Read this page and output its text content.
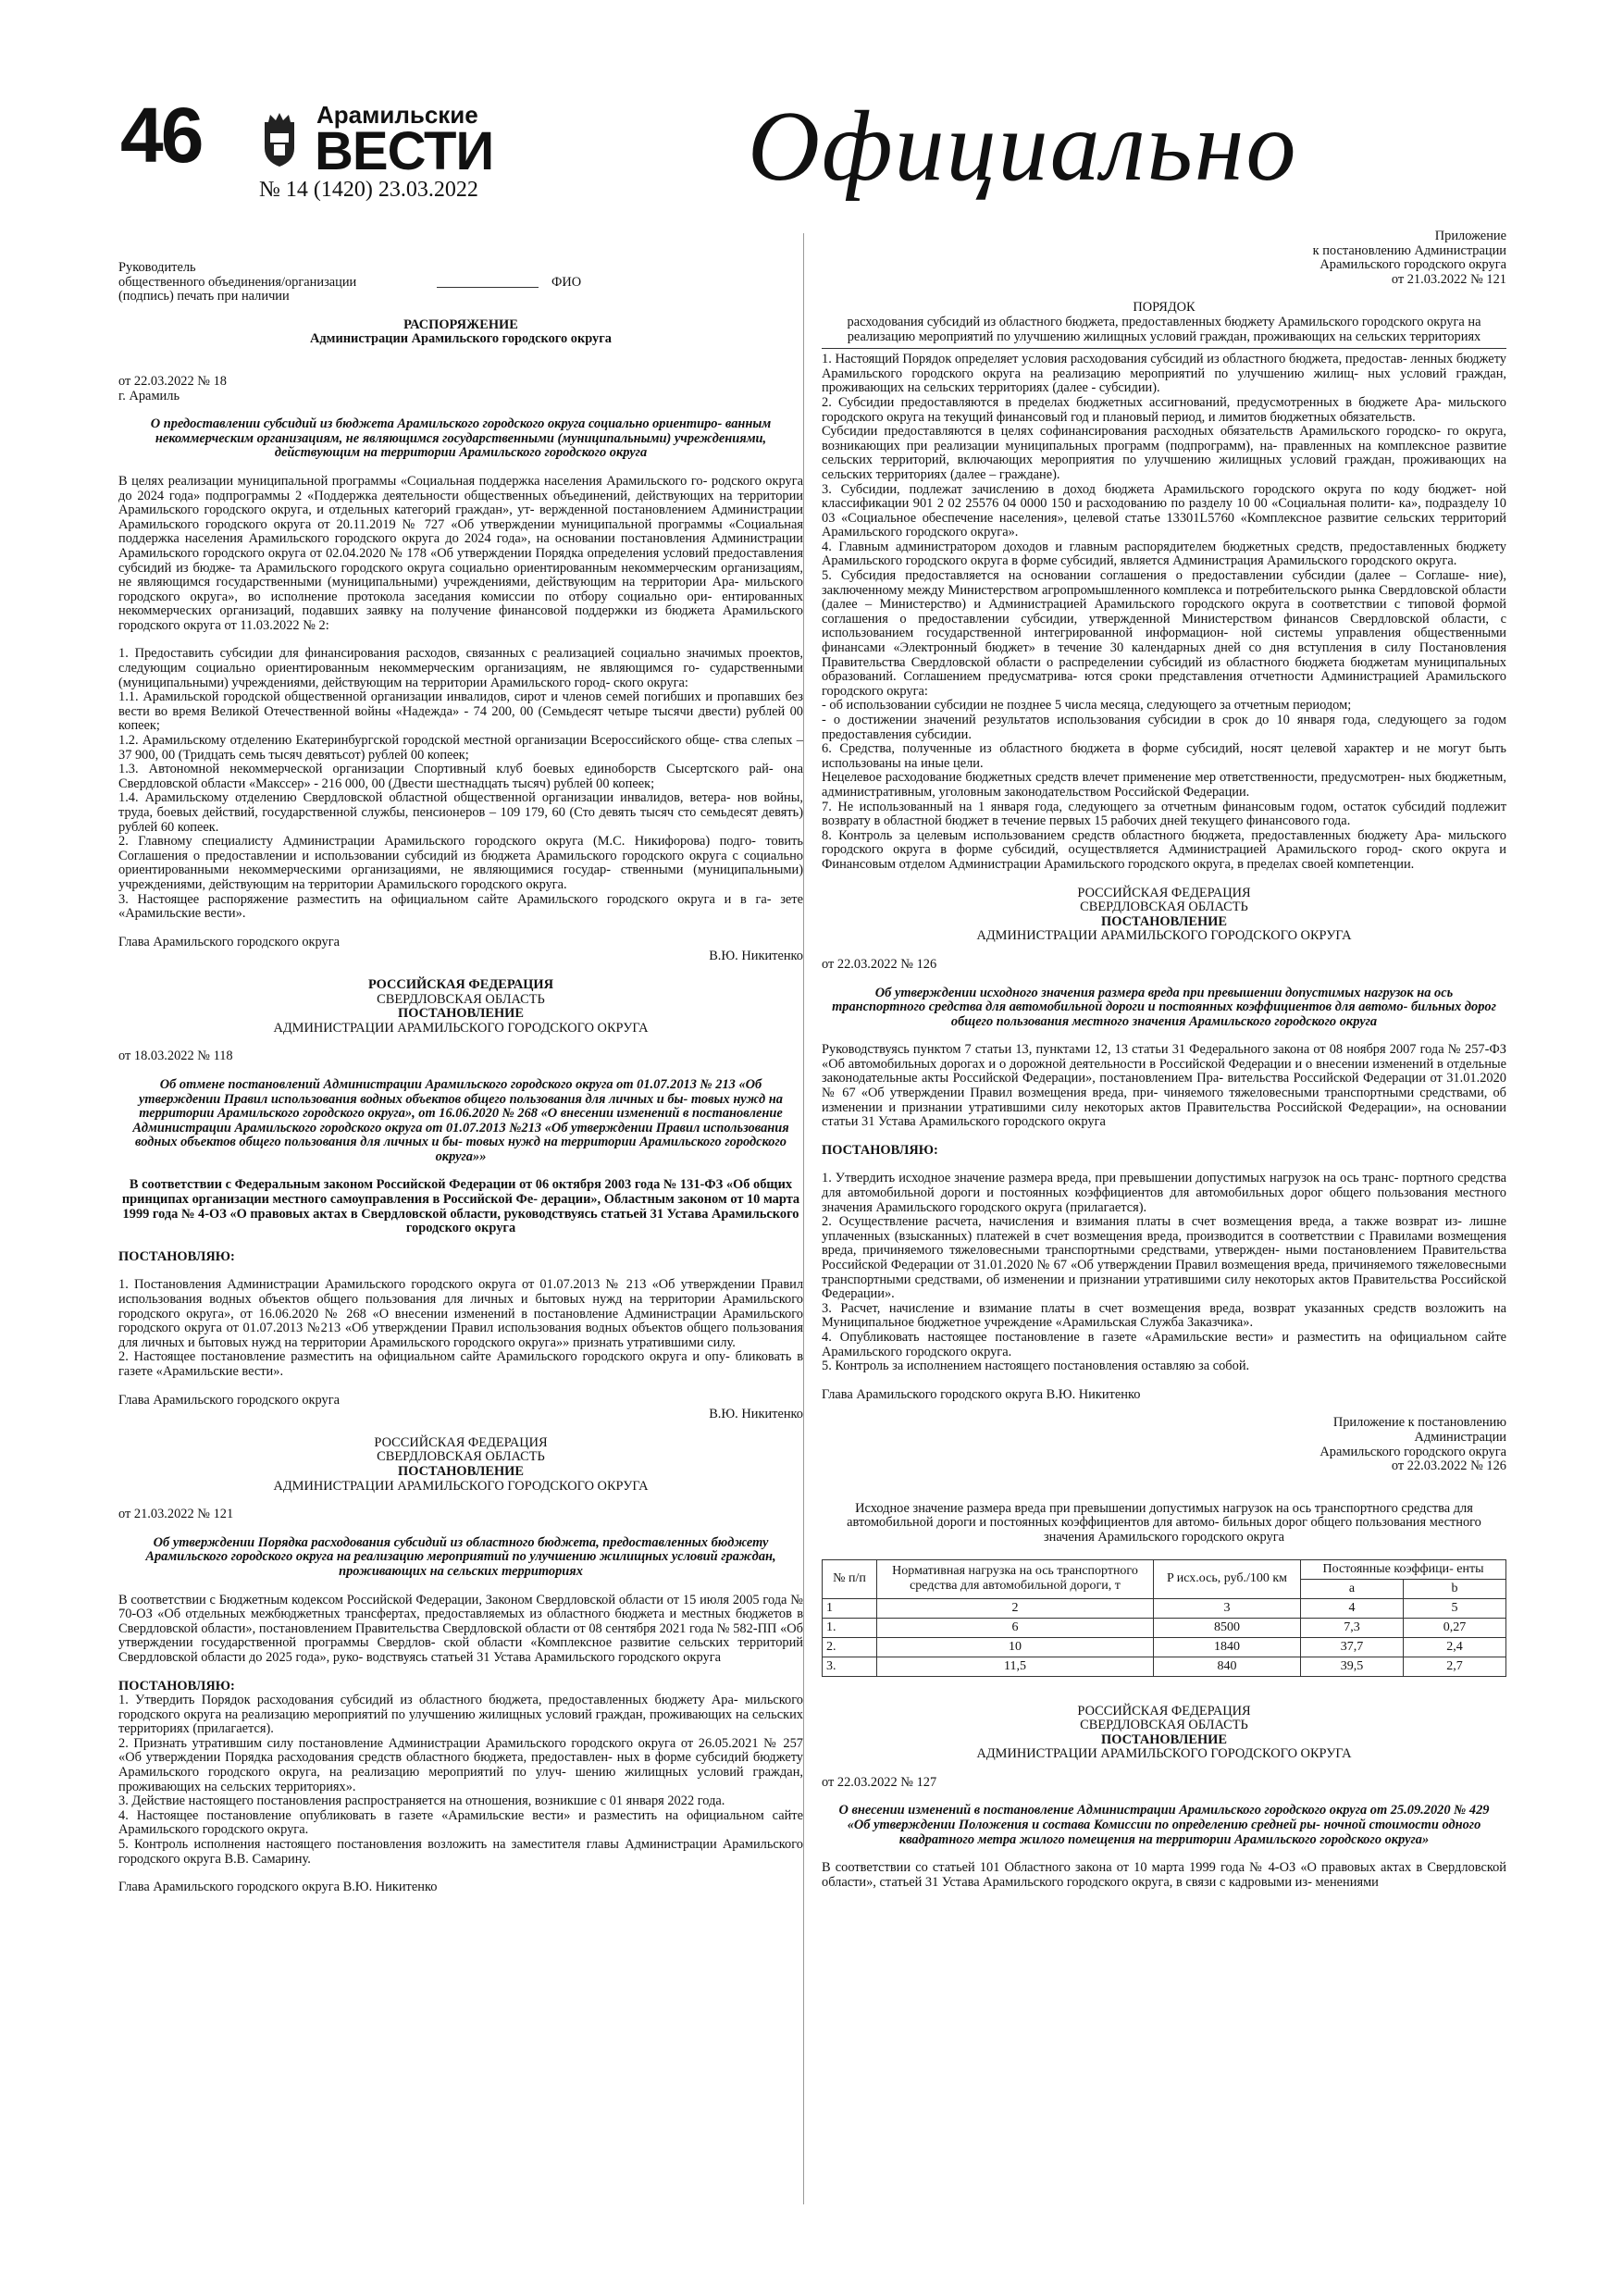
46	Арамильские
ВЕСТИ
№ 14 (1420) 23.03.2022	Официально

Руководитель

общественного объединения/организации	ФИО

(подпись) печать при наличии

РАСПОРЯЖЕНИЕ

Администрации Арамильского городского округа

от 22.03.2022 № 18

г. Арамиль

О предоставлении субсидий из бюджета Арамильского городского округа социально ориентиро- ванным некоммерческим организациям, не являющимся государственными (муниципальными) учреждениями, действующим на территории Арамильского городского округа

В целях реализации муниципальной программы «Социальная поддержка населения Арамильского го- родского округа до 2024 года» подпрограммы 2 «Поддержка деятельности общественных объединений, действующих на территории Арамильского городского округа, и отдельных категорий граждан», ут- вержденной постановлением Администрации Арамильского городского округа от 20.11.2019 № 727 «Об утверждении муниципальной программы «Социальная поддержка населения Арамильского городского округа до 2024 года», на основании постановления Администрации Арамильского городского округа от 02.04.2020 № 178 «Об утверждении Порядка определения условий предоставления субсидий из бюдже- та Арамильского городского округа социально ориентированным некоммерческим организациям, не являющимся государственными (муниципальными) учреждениями, действующим на территории Ара- мильского городского округа», во исполнение протокола заседания комиссии по отбору социально ори- ентированных некоммерческих организаций, подавших заявку на получение финансовой поддержки из бюджета Арамильского городского округа от 11.03.2022 № 2:

1. Предоставить субсидии для финансирования расходов, связанных с реализацией социально значимых проектов, следующим социально ориентированным некоммерческим организациям, не являющимся го- сударственными (муниципальными) учреждениями, действующим на территории Арамильского город- ского округа:

1.1. Арамильской городской общественной организации инвалидов, сирот и членов семей погибших и пропавших без вести во время Великой Отечественной войны «Надежда» - 74 200, 00 (Семьдесят четыре тысячи двести) рублей 00 копеек;

1.2. Арамильскому отделению Екатеринбургской городской местной организации Всероссийского обще- ства слепых – 37 900, 00 (Тридцать семь тысяч девятьсот) рублей 00 копеек;

1.3. Автономной некоммерческой организации Спортивный клуб боевых единоборств Сысертского рай- она Свердловской области «Макссер» - 216 000, 00 (Двести шестнадцать тысяч) рублей 00 копеек;

1.4. Арамильскому отделению Свердловской областной общественной организации инвалидов, ветера- нов войны, труда, боевых действий, государственной службы, пенсионеров – 109 179, 60 (Сто девять тысяч сто семьдесят девять) рублей 60 копеек.

2. Главному специалисту Администрации Арамильского городского округа (М.С. Никифорова) подго- товить Соглашения о предоставлении и использовании субсидий из бюджета Арамильского городского округа с социально ориентированными некоммерческими организациями, не являющимися государ- ственными (муниципальными) учреждениями, действующим на территории Арамильского городского округа.

3. Настоящее распоряжение разместить на официальном сайте Арамильского городского округа и в га- зете «Арамильские вести».

Глава Арамильского городского округа

В.Ю. Никитенко

РОССИЙСКАЯ ФЕДЕРАЦИЯ

СВЕРДЛОВСКАЯ ОБЛАСТЬ

ПОСТАНОВЛЕНИЕ

АДМИНИСТРАЦИИ АРАМИЛЬСКОГО ГОРОДСКОГО ОКРУГА

от 18.03.2022 № 118

Об отмене постановлений Администрации Арамильского городского округа от 01.07.2013 № 213 «Об утверждении Правил использования водных объектов общего пользования для личных и бы- товых нужд на территории Арамильского городского округа», от 16.06.2020 № 268 «О внесении изменений в постановление Администрации Арамильского городского округа от 01.07.2013 №213 «Об утверждении Правил использования водных объектов общего пользования для личных и бы- товых нужд на территории Арамильского городского округа»»

В соответствии с Федеральным законом Российской Федерации от 06 октября 2003 года № 131-ФЗ «Об общих принципах организации местного самоуправления в Российской Фе- дерации», Областным законом от 10 марта 1999 года № 4-ОЗ «О правовых актах в Свердловской области, руководствуясь статьей 31 Устава Арамильского городского округа

ПОСТАНОВЛЯЮ:

1. Постановления Администрации Арамильского городского округа от 01.07.2013 № 213 «Об утверждении Правил использования водных объектов общего пользования для личных и бытовых нужд на территории Арамильского городского округа», от 16.06.2020 № 268 «О внесении изменений в постановление Администрации Арамильского городского округа от 01.07.2013 №213 «Об утверждении Правил использования водных объектов общего пользования для личных и бытовых нужд на территории Арамильского городского округа»» признать утратившими силу.

2. Настоящее постановление разместить на официальном сайте Арамильского городского округа и опу- бликовать в газете «Арамильские вести».

Глава Арамильского городского округа

В.Ю. Никитенко

РОССИЙСКАЯ ФЕДЕРАЦИЯ

СВЕРДЛОВСКАЯ ОБЛАСТЬ

ПОСТАНОВЛЕНИЕ

АДМИНИСТРАЦИИ АРАМИЛЬСКОГО ГОРОДСКОГО ОКРУГА

от 21.03.2022 № 121

Об утверждении Порядка расходования субсидий из областного бюджета, предоставленных бюджету Арамильского городского округа на реализацию мероприятий по улучшению жилищных условий граждан, проживающих на сельских территориях

В соответствии с Бюджетным кодексом Российской Федерации, Законом Свердловской области от 15 июля 2005 года № 70-ОЗ «Об отдельных межбюджетных трансфертах, предоставляемых из областного бюджета и местных бюджетов в Свердловской области», постановлением Правительства Свердловской области от 08 сентября 2021 года № 582-ПП «Об утверждении государственной программы Свердлов- ской области «Комплексное развитие сельских территорий Свердловской области до 2025 года», руко- водствуясь статьей 31 Устава Арамильского городского округа

ПОСТАНОВЛЯЮ:

1. Утвердить Порядок расходования субсидий из областного бюджета, предоставленных бюджету Ара- мильского городского округа на реализацию мероприятий по улучшению жилищных условий граждан, проживающих на сельских территориях (прилагается).

2. Признать утратившим силу постановление Администрации Арамильского городского округа от 26.05.2021 № 257 «Об утверждении Порядка расходования средств областного бюджета, предоставлен- ных в форме субсидий бюджету Арамильского городского округа, на реализацию мероприятий по улуч- шению жилищных условий граждан, проживающих на сельских территориях».

3. Действие настоящего постановления распространяется на отношения, возникшие с 01 января 2022 года.

4. Настоящее постановление опубликовать в газете «Арамильские вести» и разместить на официальном сайте Арамильского городского округа.

5. Контроль исполнения настоящего постановления возложить на заместителя главы Администрации Арамильского городского округа В.В. Самарину.

Глава Арамильского городского округа В.Ю. Никитенко

Приложение

к постановлению Администрации

Арамильского городского округа

от 21.03.2022 № 121

ПОРЯДОК

расходования субсидий из областного бюджета, предоставленных бюджету Арамильского городского округа на реализацию мероприятий по улучшению жилищных условий граждан, проживающих на сельских территориях

1. Настоящий Порядок определяет условия расходования субсидий из областного бюджета, предостав- ленных бюджету Арамильского городского округа на реализацию мероприятий по улучшению жилищ- ных условий граждан, проживающих на сельских территориях (далее - субсидии).

2. Субсидии предоставляются в пределах бюджетных ассигнований, предусмотренных в бюджете Ара- мильского городского округа на текущий финансовый год и плановый период, и лимитов бюджетных обязательств.

Субсидии предоставляются в целях софинансирования расходных обязательств Арамильского городско- го округа, возникающих при реализации муниципальных программ (подпрограмм), на- правленных на комплексное развитие сельских территорий, включающих мероприятия по улучшению жилищных условий граждан, проживающих на сельских территориях (далее – граждане).

3. Субсидии, подлежат зачислению в доход бюджета Арамильского городского округа по коду бюджет- ной классификации 901 2 02 25576 04 0000 150 и расходованию по разделу 10 00 «Социальная полити- ка», подразделу 10 03 «Социальное обеспечение населения», целевой статье 13301L5760 «Комплексное развитие сельских территорий Арамильского городского округа».

4. Главным администратором доходов и главным распорядителем бюджетных средств, предоставленных бюджету Арамильского городского округа в форме субсидий, является Администрация Арамильского городского округа.

5. Субсидия предоставляется на основании соглашения о предоставлении субсидии (далее – Соглаше- ние), заключенному между Министерством агропромышленного комплекса и потребительского рынка Свердловской области (далее – Министерство) и Администрацией Арамильского городского округа в соответствии с типовой формой соглашения о предоставлении субсидии, утвержденной Министерством финансов Свердловской области, с использованием государственной интегрированной информацион- ной системы управления общественными финансами «Электронный бюджет» в течение 30 календарных дней со дня вступления в силу Постановления Правительства Свердловской области о распределении субсидий из областного бюджета бюджетам муниципальных образований. Соглашением предусматрива- ются сроки представления отчетности Администрацией Арамильского городского округа:

- об использовании субсидии не позднее 5 числа месяца, следующего за отчетным периодом;

- о достижении значений результатов использования субсидии в срок до 10 января года, следующего за годом предоставления субсидии.

6. Средства, полученные из областного бюджета в форме субсидий, носят целевой характер и не могут быть использованы на иные цели.

Нецелевое расходование бюджетных средств влечет применение мер ответственности, предусмотрен- ных бюджетным, административным, уголовным законодательством Российской Федерации.

7. Не использованный на 1 января года, следующего за отчетным финансовым годом, остаток субсидий подлежит возврату в областной бюджет в течение первых 15 рабочих дней текущего финансового года.

8. Контроль за целевым использованием средств областного бюджета, предоставленных бюджету Ара- мильского городского округа в форме субсидий, осуществляется Администрацией Арамильского город- ского округа и Финансовым отделом Администрации Арамильского городского округа, в пределах своей компетенции.

РОССИЙСКАЯ ФЕДЕРАЦИЯ

СВЕРДЛОВСКАЯ ОБЛАСТЬ

ПОСТАНОВЛЕНИЕ

АДМИНИСТРАЦИИ АРАМИЛЬСКОГО ГОРОДСКОГО ОКРУГА

от 22.03.2022 № 126

Об утверждении исходного значения размера вреда при превышении допустимых нагрузок на ось транспортного средства для автомобильной дороги и постоянных коэффициентов для автомо- бильных дорог общего пользования местного значения Арамильского городского округа

Руководствуясь пунктом 7 статьи 13, пунктами 12, 13 статьи 31 Федерального закона от 08 ноября 2007 года № 257-ФЗ «Об автомобильных дорогах и о дорожной деятельности в Российской Федерации и о внесении изменений в отдельные законодательные акты Российской Федерации», постановлением Пра- вительства Российской Федерации от 31.01.2020 № 67 «Об утверждении Правил возмещения вреда, при- чиняемого тяжеловесными транспортными средствами, об изменении и признании утратившими силу некоторых актов Правительства Российской Федерации», на основании статьи 31 Устава Арамильского городского округа

ПОСТАНОВЛЯЮ:

1. Утвердить исходное значение размера вреда, при превышении допустимых нагрузок на ось транс- портного средства для автомобильной дороги и постоянных коэффициентов для автомобильных дорог общего пользования местного значения Арамильского городского округа (прилагается).

2. Осуществление расчета, начисления и взимания платы в счет возмещения вреда, а также возврат из- лишне уплаченных (взысканных) платежей в счет возмещения вреда, производится в соответствии с Правилами возмещения вреда, причиняемого тяжеловесными транспортными средствами, утвержден- ными постановлением Правительства Российской Федерации от 31.01.2020 № 67 «Об утверждении Правил возмещения вреда, причиняемого тяжеловесными транспортными средствами, об изменении и признании утратившими силу некоторых актов Правительства Российской Федерации».

3. Расчет, начисление и взимание платы в счет возмещения вреда, возврат указанных средств возложить на Муниципальное бюджетное учреждение «Арамильская Служба Заказчика».

4. Опубликовать настоящее постановление в газете «Арамильские вести» и разместить на официальном сайте Арамильского городского округа.

5. Контроль за исполнением настоящего постановления оставляю за собой.

Глава Арамильского городского округа В.Ю. Никитенко

Приложение к постановлению

Администрации

Арамильского городского округа

от 22.03.2022 № 126

Исходное значение размера вреда при превышении допустимых нагрузок на ось транспортного средства для автомобильной дороги и постоянных коэффициентов для автомо- бильных дорог общего пользования местного значения Арамильского городского округа

№ п/п	Нормативная нагрузка на ось транспортного средства для автомобильной дороги, т	P исх.ось, руб./100 км	Постоянные коэффици- енты	
			a	b
1	2	3	4	5
1.	6	8500	7,3	0,27
2.	10	1840	37,7	2,4
3.	11,5	840	39,5	2,7

РОССИЙСКАЯ ФЕДЕРАЦИЯ

СВЕРДЛОВСКАЯ ОБЛАСТЬ

ПОСТАНОВЛЕНИЕ

АДМИНИСТРАЦИИ АРАМИЛЬСКОГО ГОРОДСКОГО ОКРУГА

от 22.03.2022 № 127

О внесении изменений в постановление Администрации Арамильского городского округа от 25.09.2020 № 429 «Об утверждении Положения и состава Комиссии по определению средней ры- ночной стоимости одного квадратного метра жилого помещения на территории Арамильского городского округа»

В соответствии со статьей 101 Областного закона от 10 марта 1999 года № 4-ОЗ «О правовых актах в Свердловской области», статьей 31 Устава Арамильского городского округа, в связи с кадровыми из- менениями
